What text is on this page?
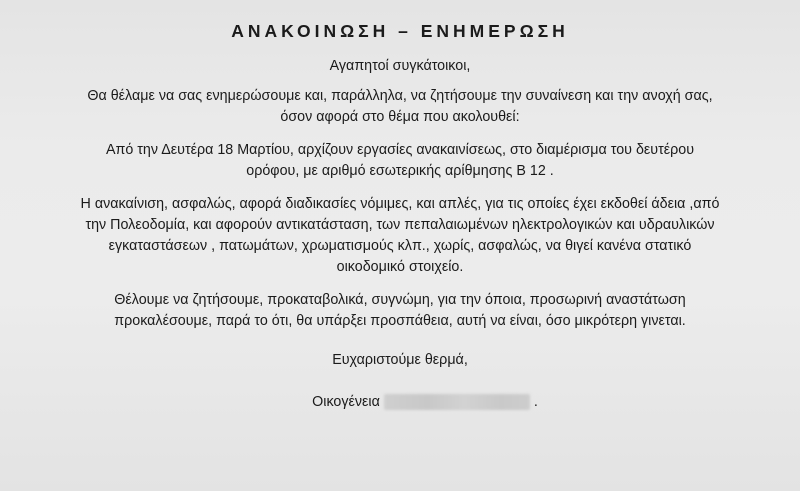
ΑΝΑΚΟΙΝΩΣΗ – ΕΝΗΜΕΡΩΣΗ

Αγαπητοί συγκάτοικοι,

Θα θέλαμε να σας ενημερώσουμε και, παράλληλα, να ζητήσουμε την συναίνεση και την ανοχή σας,
όσον αφορά στο θέμα που ακολουθεί:

Από την Δευτέρα 18 Μαρτίου, αρχίζουν εργασίες ανακαινίσεως, στο διαμέρισμα του δευτέρου
ορόφου, με αριθμό εσωτερικής αρίθμησης Β 12 .

Η ανακαίνιση, ασφαλώς, αφορά διαδικασίες νόμιμες, και απλές, για τις οποίες έχει εκδοθεί άδεια ,από
την Πολεοδομία, και αφορούν αντικατάσταση, των πεπαλαιωμένων ηλεκτρολογικών και υδραυλικών
εγκαταστάσεων , πατωμάτων, χρωματισμούς κλπ., χωρίς, ασφαλώς, να θιγεί κανένα στατικό
οικοδομικό στοιχείο.

Θέλουμε να ζητήσουμε, προκαταβολικά, συγνώμη, για την όποια, προσωρινή αναστάτωση
προκαλέσουμε, παρά το ότι, θα υπάρξει προσπάθεια, αυτή να είναι, όσο μικρότερη γινεται.

Ευχαριστούμε θερμά,

Οικογένεια	.
